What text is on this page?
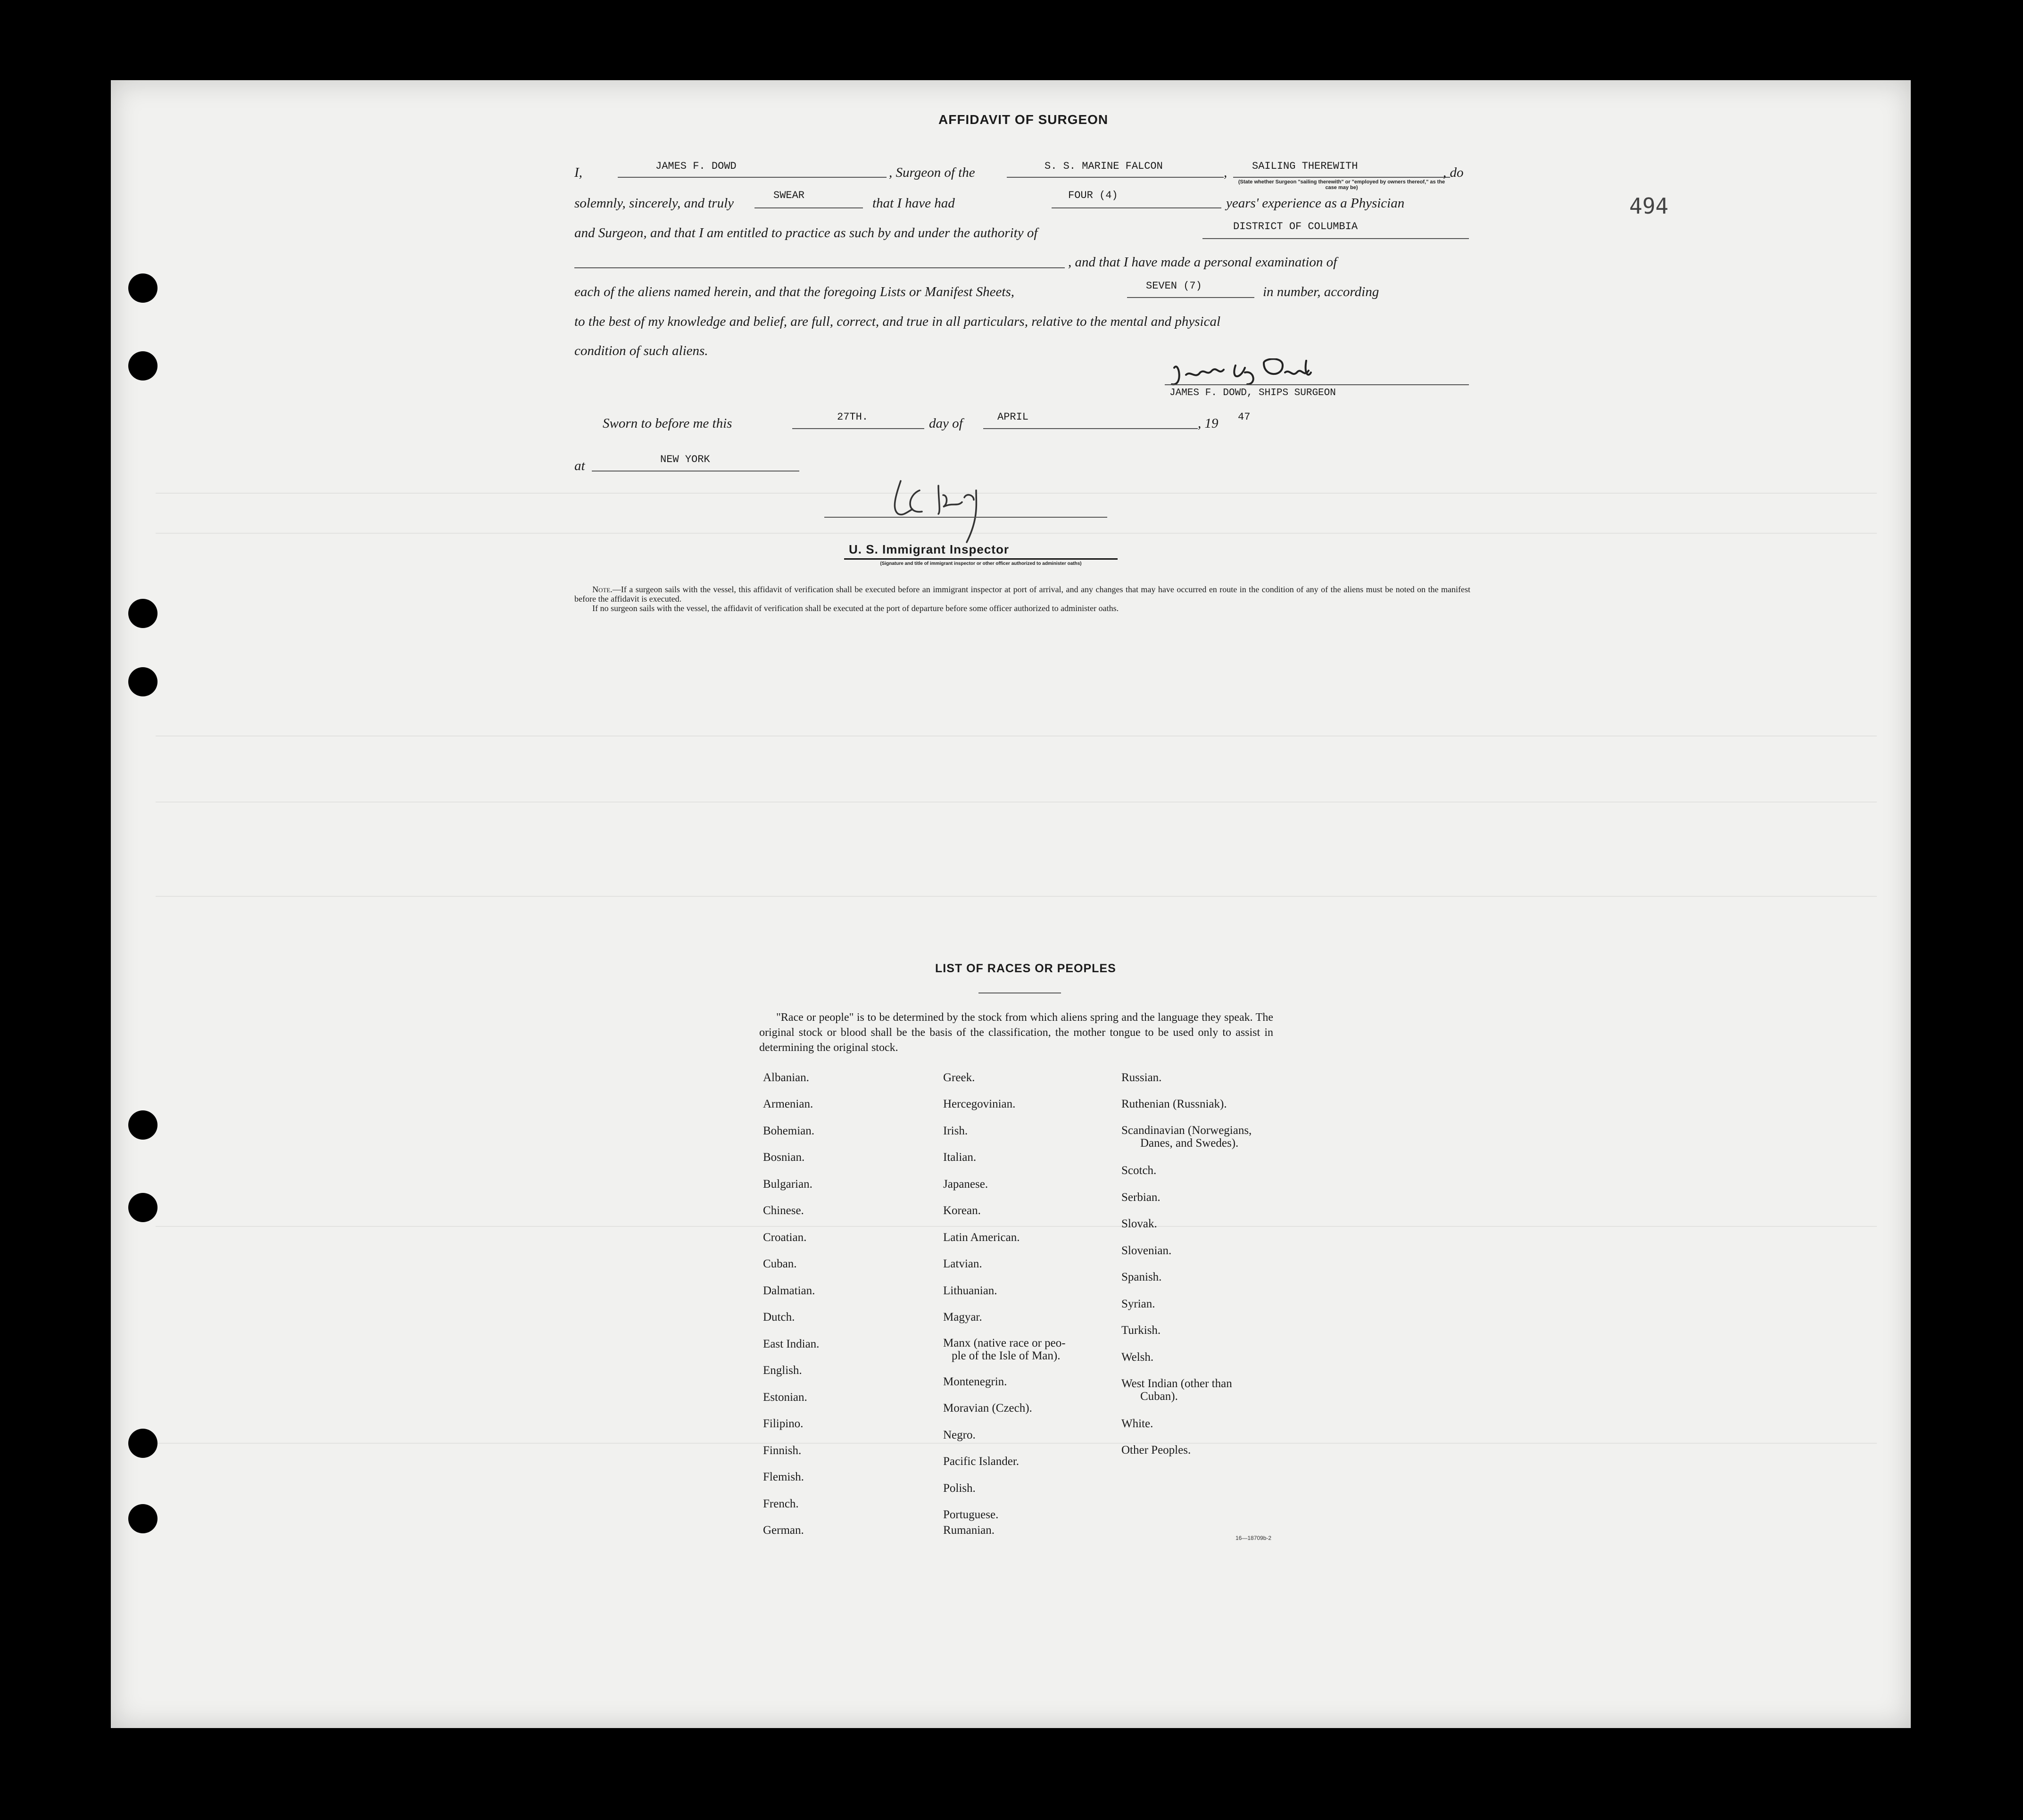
494
AFFIDAVIT OF SURGEON
I,	JAMES F. DOWD	, Surgeon of the	S. S. MARINE FALCON	, SAILING THEREWITH	, do
(State whether Surgeon "sailing therewith" or "employed by owners thereof," as the case may be)
solemnly, sincerely, and truly
SWEAR
that I have had
FOUR (4)
years' experience as a Physician
and Surgeon, and that I am entitled to practice as such by and under the authority of	DISTRICT OF COLUMBIA
, and that I have made a personal examination of
each of the aliens named herein, and that the foregoing Lists or Manifest Sheets,	SEVEN (7)	in number, according
to the best of my knowledge and belief, are full, correct, and true in all particulars, relative to the mental and physical
condition of such aliens.
JAMES F. DOWD, SHIPS SURGEON
Sworn to before me this	27TH.	day of	APRIL	, 19 47
at	NEW YORK
U. S. Immigrant Inspector
(Signature and title of immigrant inspector or other officer authorized to administer oaths)
Note.—If a surgeon sails with the vessel, this affidavit of verification shall be executed before an immigrant inspector at port of arrival, and any changes that may have occurred en route in the condition of any of the aliens must be noted on the manifest before the affidavit is executed.
If no surgeon sails with the vessel, the affidavit of verification shall be executed at the port of departure before some officer authorized to administer oaths.
LIST OF RACES OR PEOPLES
"Race or people" is to be determined by the stock from which aliens spring and the language they speak. The original stock or blood shall be the basis of the classification, the mother tongue to be used only to assist in determining the original stock.
Albanian.
Armenian.
Bohemian.
Bosnian.
Bulgarian.
Chinese.
Croatian.
Cuban.
Dalmatian.
Dutch.
East Indian.
English.
Estonian.
Filipino.
Finnish.
Flemish.
French.
German.
Greek.
Hercegovinian.
Irish.
Italian.
Japanese.
Korean.
Latin American.
Latvian.
Lithuanian.
Magyar.
Manx (native race or peo-
ple of the Isle of Man).
Montenegrin.
Moravian (Czech).
Negro.
Pacific Islander.
Polish.
Portuguese.
Rumanian.
Russian.
Ruthenian (Russniak).
Scandinavian (Norwegians,
Danes, and Swedes).
Scotch.
Serbian.
Slovak.
Slovenian.
Spanish.
Syrian.
Turkish.
Welsh.
West Indian (other than
Cuban).
White.
Other Peoples.
16—18709b-2
